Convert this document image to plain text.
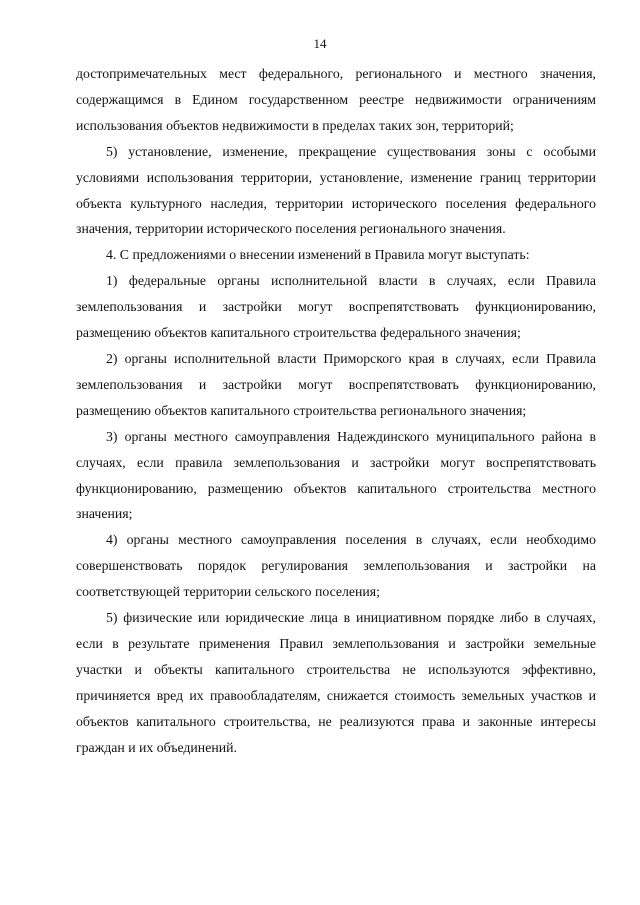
14

достопримечательных мест федерального, регионального и местного значения, содержащимся в Едином государственном реестре недвижимости ограничениям использования объектов недвижимости в пределах таких зон, территорий;

5) установление, изменение, прекращение существования зоны с особыми условиями использования территории, установление, изменение границ территории объекта культурного наследия, территории исторического поселения федерального значения, территории исторического поселения регионального значения.

4. С предложениями о внесении изменений в Правила могут выступать:

1) федеральные органы исполнительной власти в случаях, если Правила землепользования и застройки могут воспрепятствовать функционированию, размещению объектов капитального строительства федерального значения;

2) органы исполнительной власти Приморского края в случаях, если Правила землепользования и застройки могут воспрепятствовать функционированию, размещению объектов капитального строительства регионального значения;

3) органы местного самоуправления Надеждинского муниципального района в случаях, если правила землепользования и застройки могут воспрепятствовать функционированию, размещению объектов капитального строительства местного значения;

4) органы местного самоуправления поселения в случаях, если необходимо совершенствовать порядок регулирования землепользования и застройки на соответствующей территории сельского поселения;

5) физические или юридические лица в инициативном порядке либо в случаях, если в результате применения Правил землепользования и застройки земельные участки и объекты капитального строительства не используются эффективно, причиняется вред их правообладателям, снижается стоимость земельных участков и объектов капитального строительства, не реализуются права и законные интересы граждан и их объединений.
